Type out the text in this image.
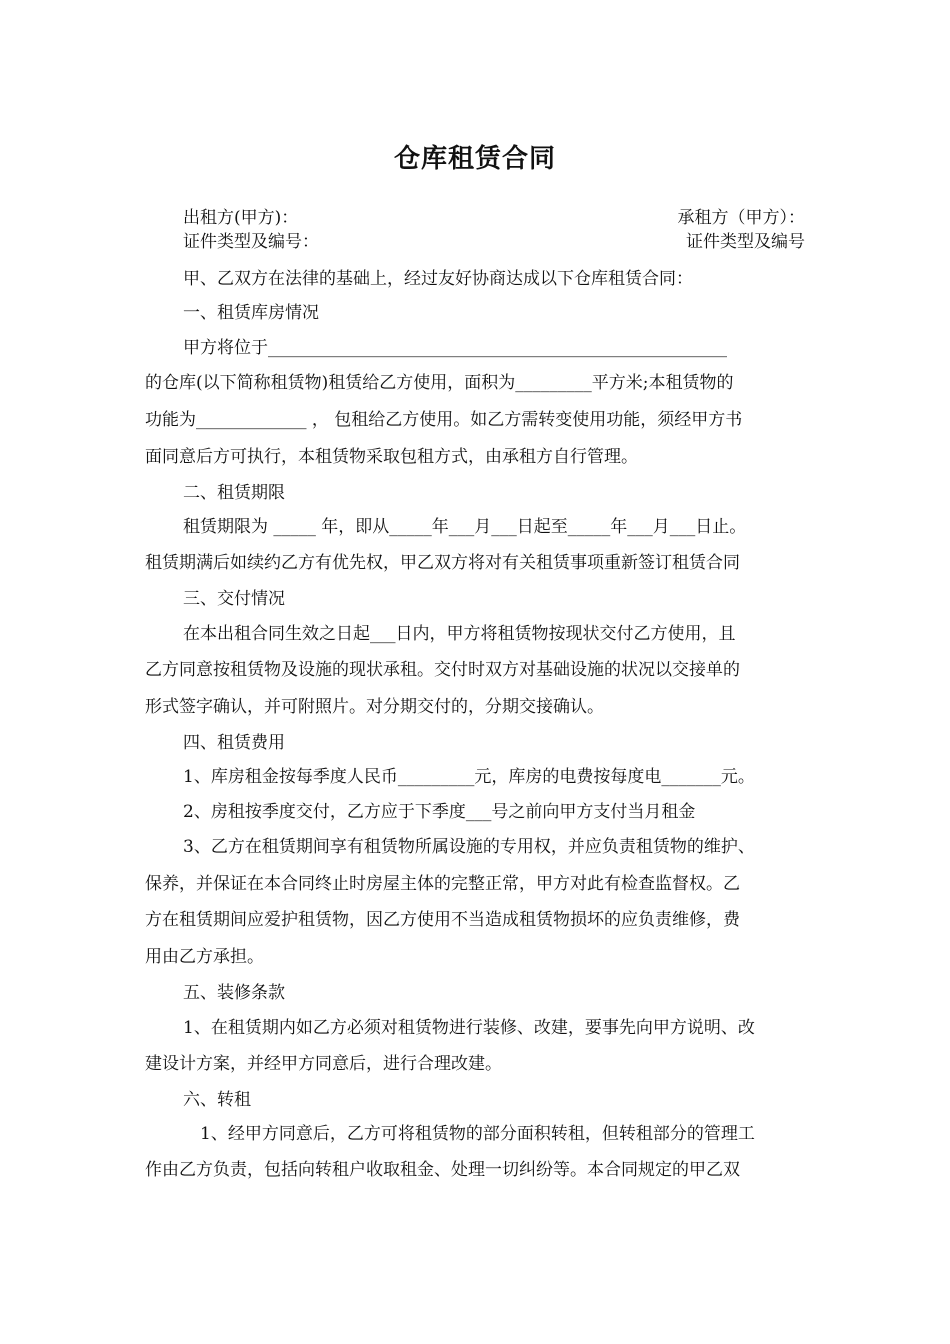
仓库租赁合同
出租方(甲方)：	承租方（甲方）：
证件类型及编号：	证件类型及编号
甲、乙双方在法律的基础上，经过友好协商达成以下仓库租赁合同：
一、租赁库房情况
甲方将位于______________________________________________________
的仓库(以下简称租赁物)租赁给乙方使用，面积为_________平方米;本租赁物的
功能为_____________ ， 包租给乙方使用。如乙方需转变使用功能，须经甲方书
面同意后方可执行，本租赁物采取包租方式，由承租方自行管理。
二、租赁期限
租赁期限为 _____ 年，即从_____年___月___日起至_____年___月___日止。
租赁期满后如续约乙方有优先权，甲乙双方将对有关租赁事项重新签订租赁合同
三、交付情况
在本出租合同生效之日起___日内，甲方将租赁物按现状交付乙方使用，且
乙方同意按租赁物及设施的现状承租。交付时双方对基础设施的状况以交接单的
形式签字确认，并可附照片。对分期交付的，分期交接确认。
四、租赁费用
1、库房租金按每季度人民币_________元，库房的电费按每度电_______元。
2、房租按季度交付，乙方应于下季度___号之前向甲方支付当月租金
3、乙方在租赁期间享有租赁物所属设施的专用权，并应负责租赁物的维护、
保养，并保证在本合同终止时房屋主体的完整正常，甲方对此有检查监督权。乙
方在租赁期间应爱护租赁物，因乙方使用不当造成租赁物损坏的应负责维修，费
用由乙方承担。
五、装修条款
1、在租赁期内如乙方必须对租赁物进行装修、改建，要事先向甲方说明、改
建设计方案，并经甲方同意后，进行合理改建。
六、转租
1、经甲方同意后，乙方可将租赁物的部分面积转租，但转租部分的管理工
作由乙方负责，包括向转租户收取租金、处理一切纠纷等。本合同规定的甲乙双
